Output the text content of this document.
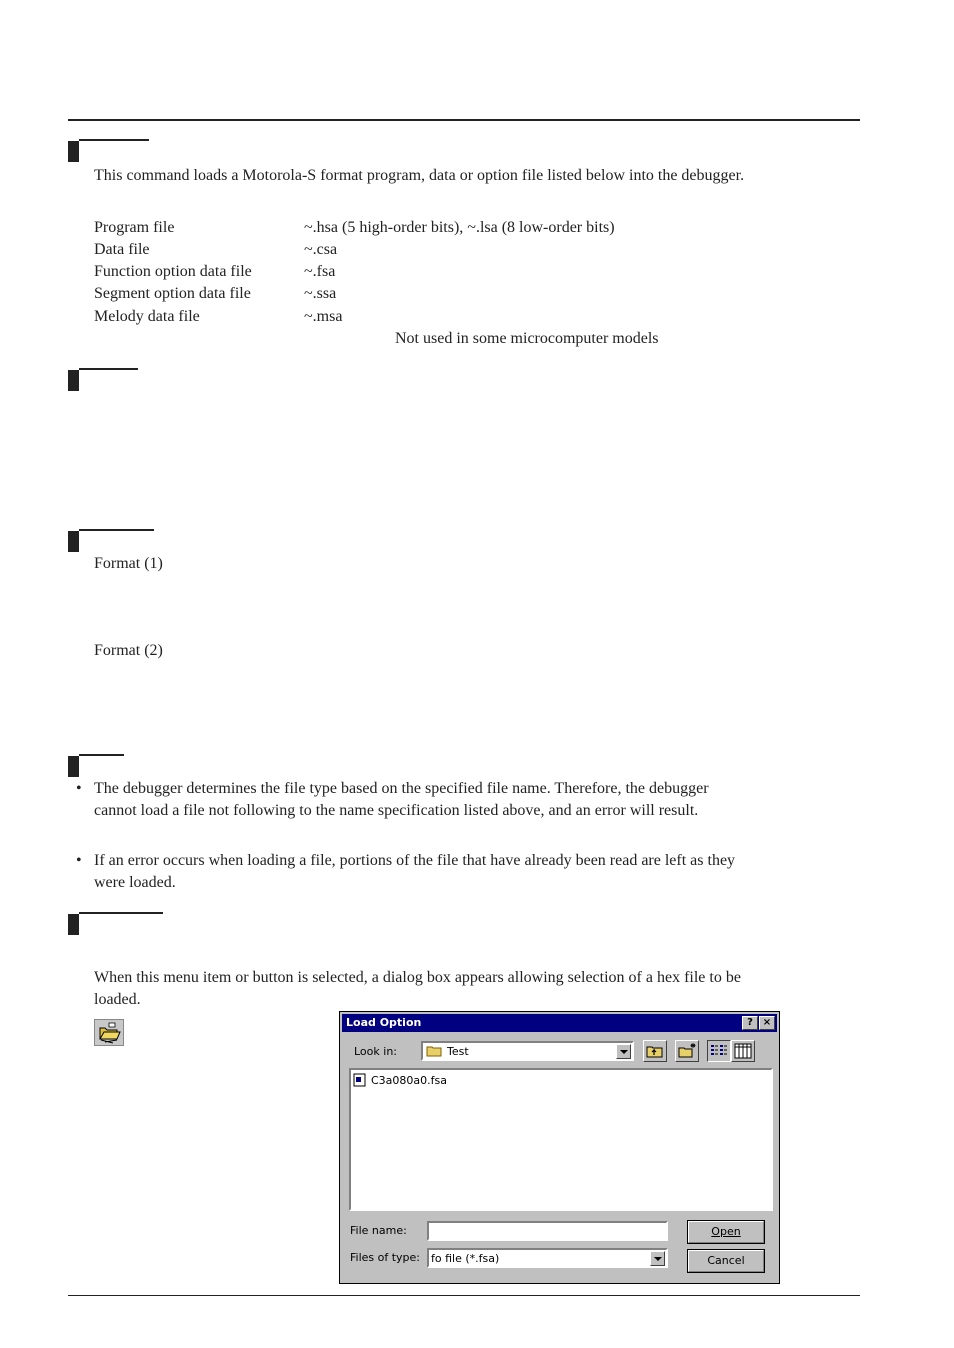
This command loads a Motorola-S format program, data or option file listed below into the debugger.
Program file	~.hsa (5 high-order bits), ~.lsa (8 low-order bits)
Data file	~.csa
Function option data file	~.fsa
Segment option data file	~.ssa
Melody data file	~.msa
Not used in some microcomputer models
Format (1)
Format (2)
• The debugger determines the file type based on the specified file name. Therefore, the debugger
cannot load a file not following to the name specification listed above, and an error will result.
• If an error occurs when loading a file, portions of the file that have already been read are left as they
were loaded.
When this menu item or button is selected, a dialog box appears allowing selection of a hex file to be
loaded.
Load Option	? ×
Look in:	Test
C3a080a0.fsa
File name:
Files of type: fo file (*.fsa)
Open
Cancel
